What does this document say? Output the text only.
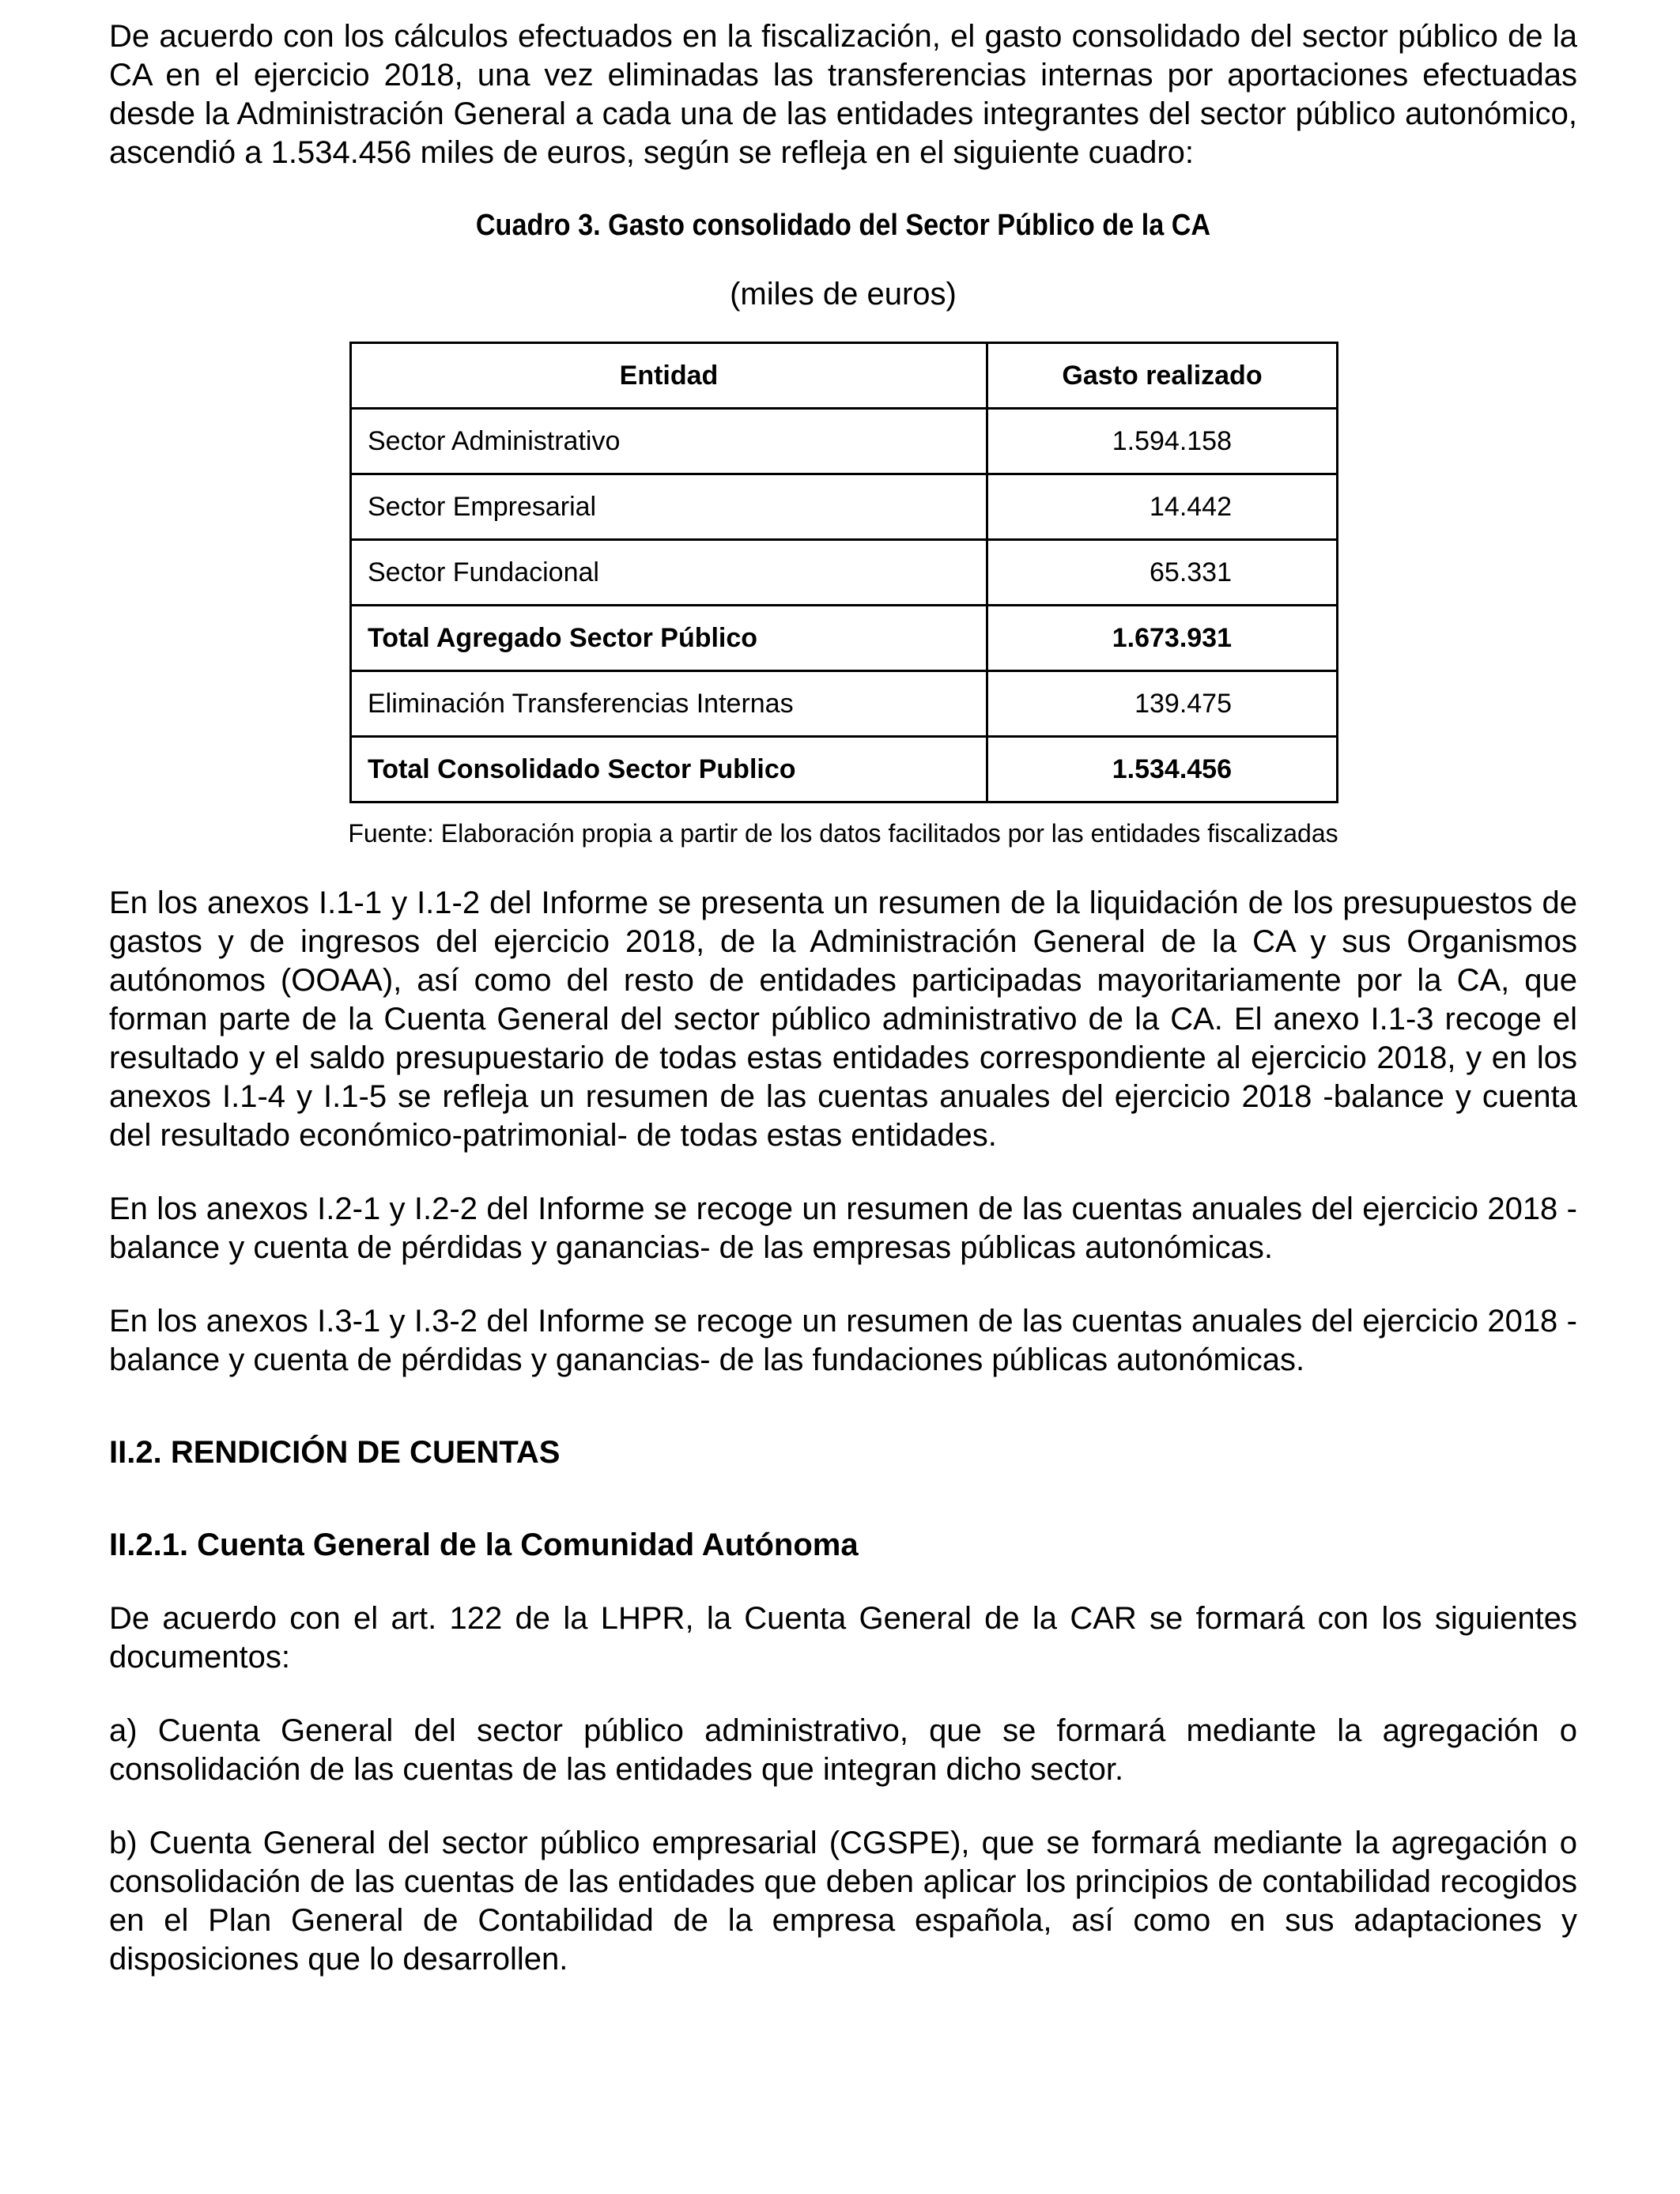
De acuerdo con los cálculos efectuados en la fiscalización, el gasto consolidado del sector público de la CA en el ejercicio 2018, una vez eliminadas las transferencias internas por aportaciones efectuadas desde la Administración General a cada una de las entidades integrantes del sector público autonómico, ascendió a 1.534.456 miles de euros, según se refleja en el siguiente cuadro:

Cuadro 3. Gasto consolidado del Sector Público de la CA
(miles de euros)
Entidad	Gasto realizado
Sector Administrativo	1.594.158
Sector Empresarial	14.442
Sector Fundacional	65.331
Total Agregado Sector Público	1.673.931
Eliminación Transferencias Internas	139.475
Total Consolidado Sector Publico	1.534.456
Fuente: Elaboración propia a partir de los datos facilitados por las entidades fiscalizadas

En los anexos I.1-1 y I.1-2 del Informe se presenta un resumen de la liquidación de los presupuestos de gastos y de ingresos del ejercicio 2018, de la Administración General de la CA y sus Organismos autónomos (OOAA), así como del resto de entidades participadas mayoritariamente por la CA, que forman parte de la Cuenta General del sector público administrativo de la CA. El anexo I.1-3 recoge el resultado y el saldo presupuestario de todas estas entidades correspondiente al ejercicio 2018, y en los anexos I.1-4 y I.1-5 se refleja un resumen de las cuentas anuales del ejercicio 2018 -balance y cuenta del resultado económico-patrimonial- de todas estas entidades.

En los anexos I.2-1 y I.2-2 del Informe se recoge un resumen de las cuentas anuales del ejercicio 2018 -balance y cuenta de pérdidas y ganancias- de las empresas públicas autonómicas.

En los anexos I.3-1 y I.3-2 del Informe se recoge un resumen de las cuentas anuales del ejercicio 2018 -balance y cuenta de pérdidas y ganancias- de las fundaciones públicas autonómicas.

II.2. RENDICIÓN DE CUENTAS
II.2.1. Cuenta General de la Comunidad Autónoma

De acuerdo con el art. 122 de la LHPR, la Cuenta General de la CAR se formará con los siguientes documentos:

a) Cuenta General del sector público administrativo, que se formará mediante la agregación o consolidación de las cuentas de las entidades que integran dicho sector.

b) Cuenta General del sector público empresarial (CGSPE), que se formará mediante la agregación o consolidación de las cuentas de las entidades que deben aplicar los principios de contabilidad recogidos en el Plan General de Contabilidad de la empresa española, así como en sus adaptaciones y disposiciones que lo desarrollen.
